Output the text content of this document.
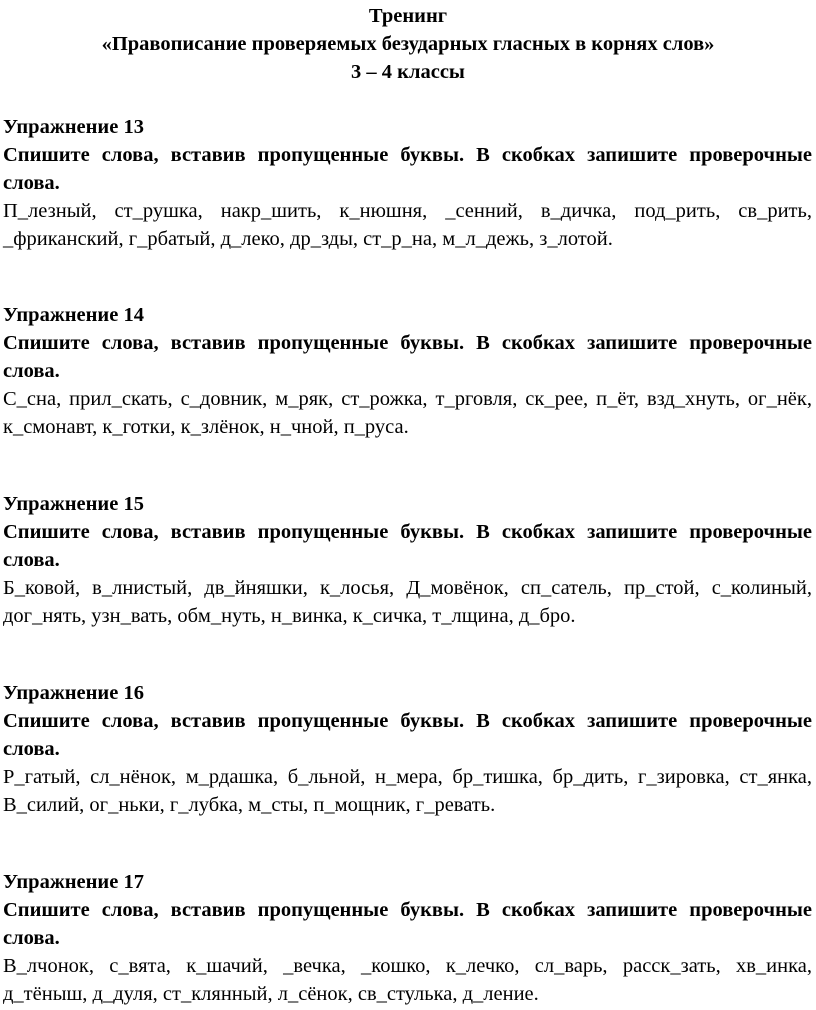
Тренинг
«Правописание проверяемых безударных гласных в корнях слов»
3 – 4 классы
Упражнение 13
Спишите слова, вставив пропущенные буквы. В скобках запишите проверочные слова.
П_лезный, ст_рушка, накр_шить, к_нюшня, _сенний, в_дичка, под_рить, св_рить, _фриканский, г_рбатый, д_леко, др_зды, ст_р_на, м_л_дежь, з_лотой.
Упражнение 14
Спишите слова, вставив пропущенные буквы. В скобках запишите проверочные слова.
С_сна, прил_скать, с_довник, м_ряк, ст_рожка, т_рговля, ск_рее, п_ёт, взд_хнуть, ог_нёк, к_смонавт, к_готки, к_злёнок, н_чной, п_руса.
Упражнение 15
Спишите слова, вставив пропущенные буквы. В скобках запишите проверочные слова.
Б_ковой, в_лнистый, дв_йняшки, к_лосья, Д_мовёнок, сп_сатель, пр_стой, с_колиный, дог_нять, узн_вать, обм_нуть, н_винка, к_сичка, т_лщина, д_бро.
Упражнение 16
Спишите слова, вставив пропущенные буквы. В скобках запишите проверочные слова.
Р_гатый, сл_нёнок, м_рдашка, б_льной, н_мера, бр_тишка, бр_дить, г_зировка, ст_янка, В_силий, ог_ньки, г_лубка, м_сты, п_мощник, г_ревать.
Упражнение 17
Спишите слова, вставив пропущенные буквы. В скобках запишите проверочные слова.
В_лчонок, с_вята, к_шачий, _вечка, _кошко, к_лечко, сл_варь, расск_зать, хв_инка, д_тёныш, д_дуля, ст_клянный, л_сёнок, св_стулька, д_ление.
